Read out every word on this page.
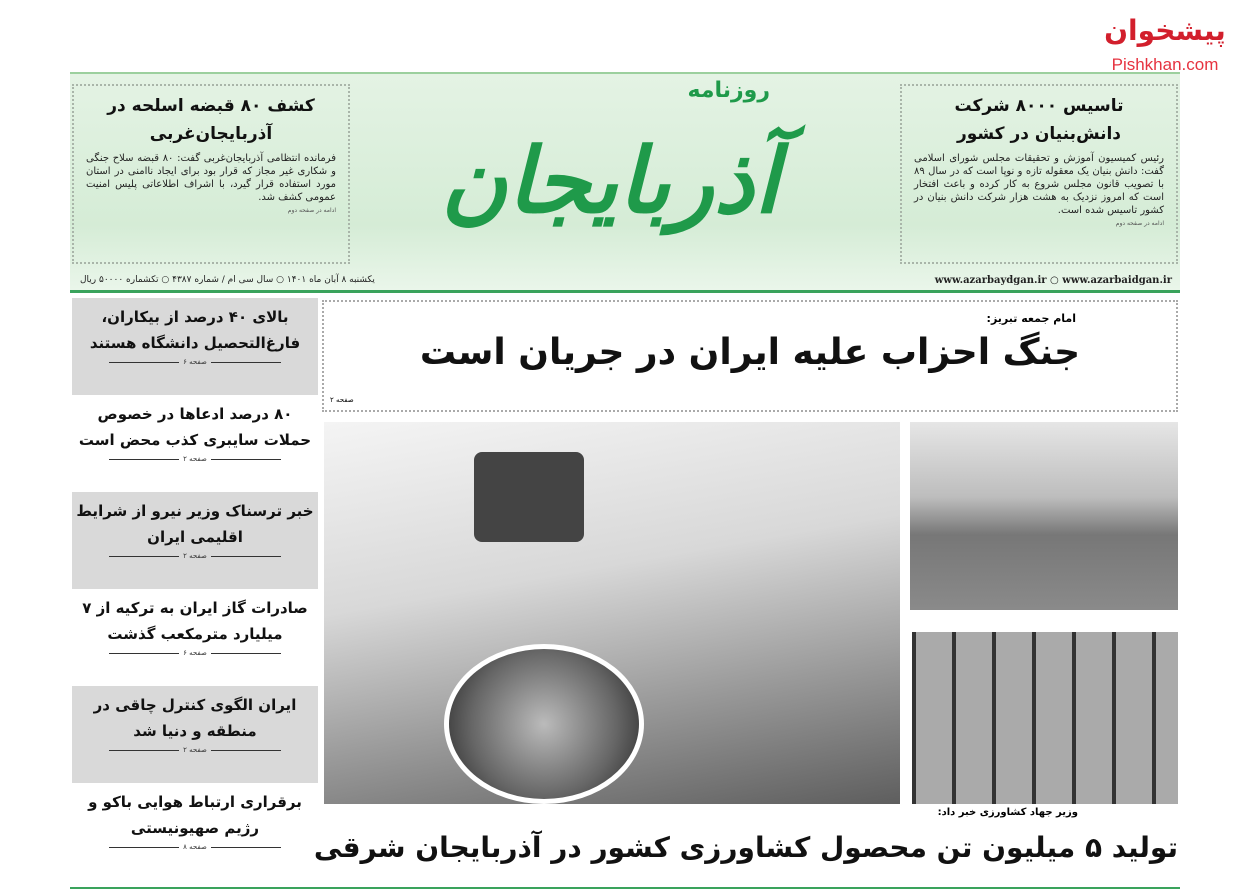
تاسیس ۸۰۰۰ شرکت دانش‌بنیان در کشور

رئیس کمیسیون آموزش و تحقیقات مجلس شورای اسلامی گفت: دانش بنیان یک معقوله تازه و نوپا است که در سال ۸۹ با تصویب قانون مجلس شروع به کار کرده و باعث افتخار است که امروز نزدیک به هشت هزار شرکت دانش بنیان در کشور تاسیس شده است.

ادامه در صفحه دوم
کشف ۸۰ قبضه اسلحه در آذربایجان‌غربی

فرمانده انتظامی آذربایجان‌غربی گفت: ۸۰ قبضه سلاح جنگی و شکاری غیر مجاز که قرار بود برای ایجاد ناامنی در استان مورد استفاده قرار گیرد، با اشراف اطلاعاتی پلیس امنیت عمومی کشف شد.

ادامه در صفحه دوم
روزنامه
آذربایجان
www.azarbaydgan.ir ○ www.azarbaidgan.ir
یکشنبه ۸ آبان ماه ۱۴۰۱ ○ سال سی ام / شماره ۴۳۸۷ ○ تکشماره ۵۰۰۰۰ ریال
پیشخوان
Pishkhan.com
بالای ۴۰ درصد از بیکاران، فارغ‌التحصیل دانشگاه هستند
صفحه ۶
۸۰ درصد ادعاها در خصوص حملات سایبری کذب محض است
صفحه ۲
خبر ترسناک وزیر نیرو از شرایط اقلیمی ایران
صفحه ۲
صادرات گاز ایران به ترکیه از ۷ میلیارد مترمکعب گذشت
صفحه ۶
ایران الگوی کنترل چاقی در منطقه و دنیا شد
صفحه ۲
برقراری ارتباط هوایی باکو و رژیم صهیونیستی
صفحه ۸
امام جمعه تبریز:
جنگ احزاب علیه ایران در جریان است
صفحه ۲
وزیر جهاد کشاورزی خبر داد:
تولید ۵ میلیون تن محصول کشاورزی کشور در آذربایجان شرقی
